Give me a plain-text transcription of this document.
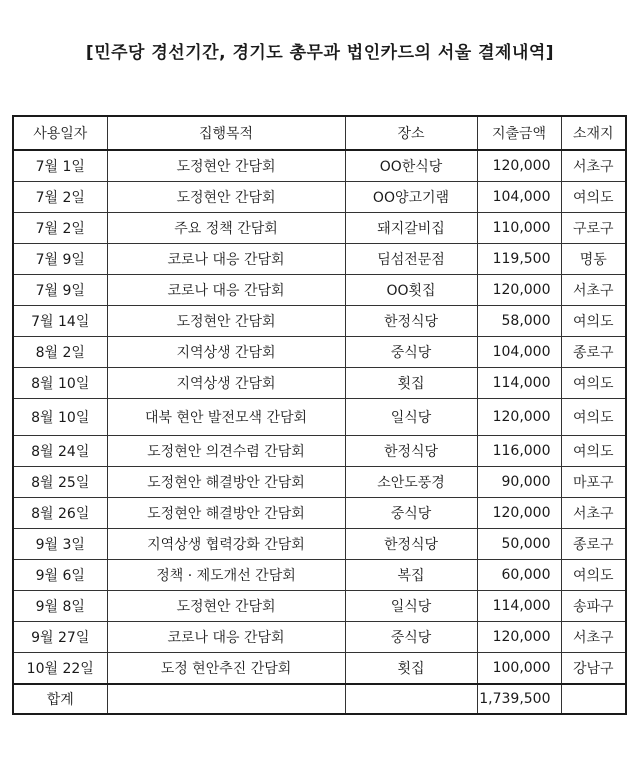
[민주당 경선기간, 경기도 총무과 법인카드의 서울 결제내역]
사용일자	집행목적	장소	지출금액	소재지
7월 1일	도정현안 간담회	OO한식당	120,000	서초구
7월 2일	도정현안 간담회	OO양고기램	104,000	여의도
7월 2일	주요 정책 간담회	돼지갈비집	110,000	구로구
7월 9일	코로나 대응 간담회	딤섬전문점	119,500	명동
7월 9일	코로나 대응 간담회	OO횟집	120,000	서초구
7월 14일	도정현안 간담회	한정식당	58,000	여의도
8월 2일	지역상생 간담회	중식당	104,000	종로구
8월 10일	지역상생 간담회	횟집	114,000	여의도
8월 10일	대북 현안 발전모색 간담회	일식당	120,000	여의도
8월 24일	도정현안 의견수렴 간담회	한정식당	116,000	여의도
8월 25일	도정현안 해결방안 간담회	소안도풍경	90,000	마포구
8월 26일	도정현안 해결방안 간담회	중식당	120,000	서초구
9월 3일	지역상생 협력강화 간담회	한정식당	50,000	종로구
9월 6일	정책 · 제도개선 간담회	복집	60,000	여의도
9월 8일	도정현안 간담회	일식당	114,000	송파구
9월 27일	코로나 대응 간담회	중식당	120,000	서초구
10월 22일	도정 현안추진 간담회	횟집	100,000	강남구
합계			1,739,500	
